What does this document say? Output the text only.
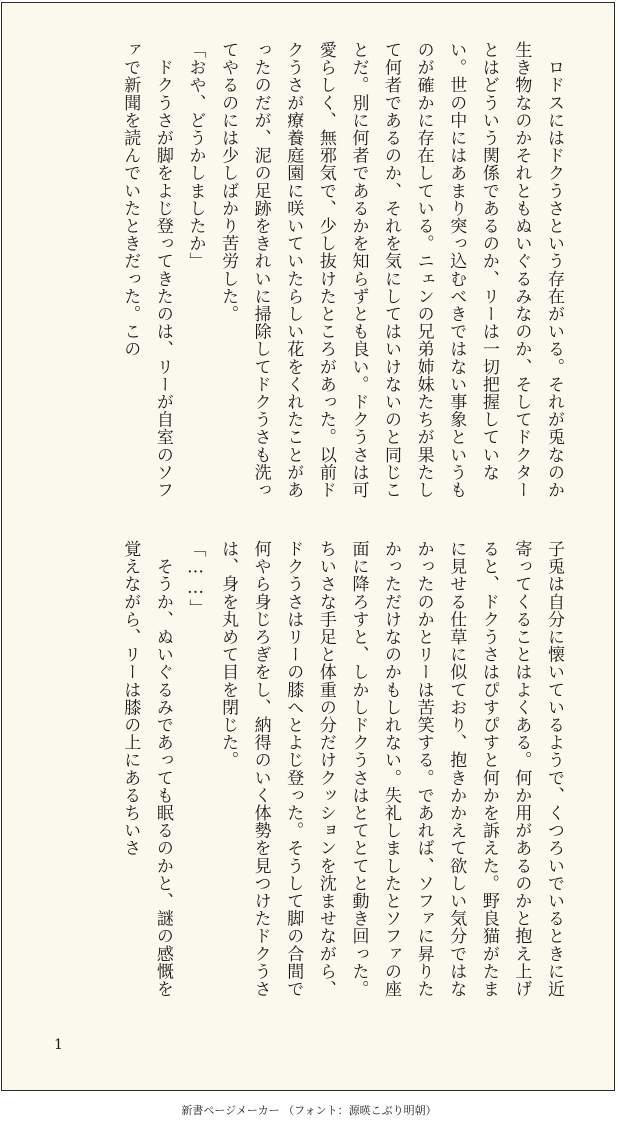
　ロドスにはドクうさという存在がいる。それが兎なのか生き物なのかそれともぬいぐるみなのか、そしてドクターとはどういう関係であるのか、リーは一切把握していない。世の中にはあまり突っ込むべきではない事象というものが確かに存在している。ニェンの兄弟姉妹たちが果たして何者であるのか、それを気にしてはいけないのと同じことだ。別に何者であるかを知らずとも良い。ドクうさは可愛らしく、無邪気で、少し抜けたところがあった。以前ドクうさが療養庭園に咲いていたらしい花をくれたことがあったのだが、泥の足跡をきれいに掃除してドクうさも洗ってやるのには少しばかり苦労した。

「おや、どうかしましたか」

　ドクうさが脚をよじ登ってきたのは、リーが自室のソファで新聞を読んでいたときだった。この

子兎は自分に懐いているようで、くつろいでいるときに近寄ってくることはよくある。何か用があるのかと抱え上げると、ドクうさはぴすぴすと何かを訴えた。野良猫がたまに見せる仕草に似ており、抱きかかえて欲しい気分ではなかったのかとリーは苦笑する。であれば、ソファに昇りたかっただけなのかもしれない。失礼しましたとソファの座面に降ろすと、しかしドクうさはとてとてと動き回った。ちいさな手足と体重の分だけクッションを沈ませながら、ドクうさはリーの膝へとよじ登った。そうして脚の合間で何やら身じろぎをし、納得のいく体勢を見つけたドクうさは、身を丸めて目を閉じた。

「……」

　そうか、ぬいぐるみであっても眠るのかと、謎の感慨を覚えながら、リーは膝の上にあるちいさ

1
新書ページメーカー （フォント：源暎こぶり明朝）
